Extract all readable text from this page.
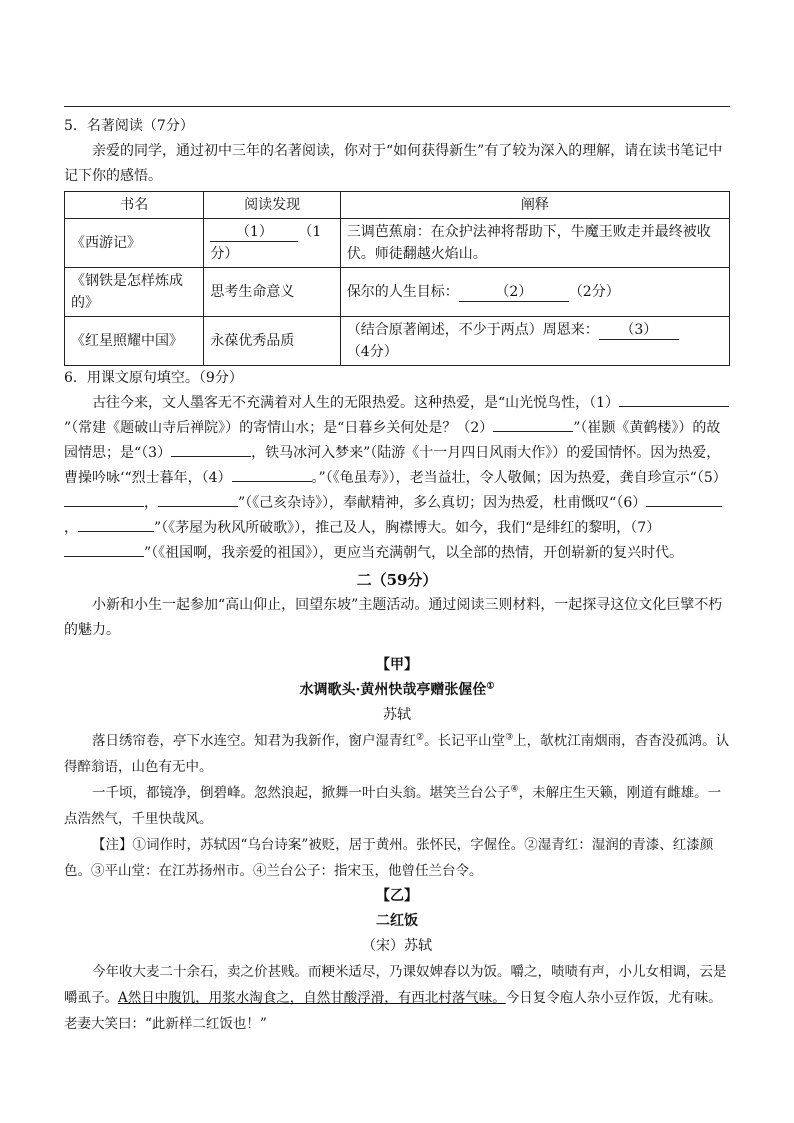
5．名著阅读（7分）

亲爱的同学，通过初中三年的名著阅读，你对于“如何获得新生”有了较为深入的理解，请在读书笔记中记下你的感悟。

书名	阅读发现	阐释
《西游记》	（1） （1分）	三调芭蕉扇：在众护法神将帮助下，牛魔王败走并最终被收伏。师徒翻越火焰山。
《钢铁是怎样炼成的》	思考生命意义	保尔的人生目标： （2） （2分）
《红星照耀中国》	永葆优秀品质	（结合原著阐述，不少于两点）周恩来： （3）（4分）

6．用课文原句填空。（9分）

古往今来，文人墨客无不充满着对人生的无限热爱。这种热爱，是“山光悦鸟性，（1）”（常建《题破山寺后禅院》）的寄情山水；是“日暮乡关何处是？（2）	”（崔颢《黄鹤楼》）的故园情思；是“（3）	，铁马冰河入梦来”（陆游《十一月四日风雨大作》）的爱国情怀。因为热爱，曹操吟咏‘“烈士暮年，（4）	。”（《龟虽寿》），老当益壮，令人敬佩；因为热爱，龚自珍宣示“（5），	”（《己亥杂诗》），奉献精神，多么真切；因为热爱，杜甫慨叹“（6），	”（《茅屋为秋风所破歌》），推己及人，胸襟博大。如今，我们“是绯红的黎明，（7）”（《祖国啊，我亲爱的祖国》），更应当充满朝气，以全部的热情，开创崭新的复兴时代。

二（59分）

小新和小生一起参加“高山仰止，回望东坡”主题活动。通过阅读三则材料，一起探寻这位文化巨擘不朽的魅力。

【甲】

水调歌头·黄州快哉亭赠张偓佺①

苏轼

落日绣帘卷，亭下水连空。知君为我新作，窗户湿青红②。长记平山堂③上，欹枕江南烟雨，杳杳没孤鸿。认得醉翁语，山色有无中。

一千顷，都镜净，倒碧峰。忽然浪起，掀舞一叶白头翁。堪笑兰台公子④，未解庄生天籁，刚道有雌雄。一点浩然气，千里快哉风。

【注】①词作时，苏轼因“乌台诗案”被贬，居于黄州。张怀民，字偓佺。②湿青红：湿润的青漆、红漆颜色。③平山堂：在江苏扬州市。④兰台公子：指宋玉，他曾任兰台令。

【乙】

二红饭

（宋）苏轼

今年收大麦二十余石，卖之价甚贱。而粳米适尽，乃课奴婢舂以为饭。嚼之，啧啧有声，小儿女相调，云是嚼虱子。A然日中腹饥，用浆水淘食之，自然甘酸浮滑，有西北村落气味。今日复令庖人杂小豆作饭，尤有味。老妻大笑曰：“此新样二红饭也！”
